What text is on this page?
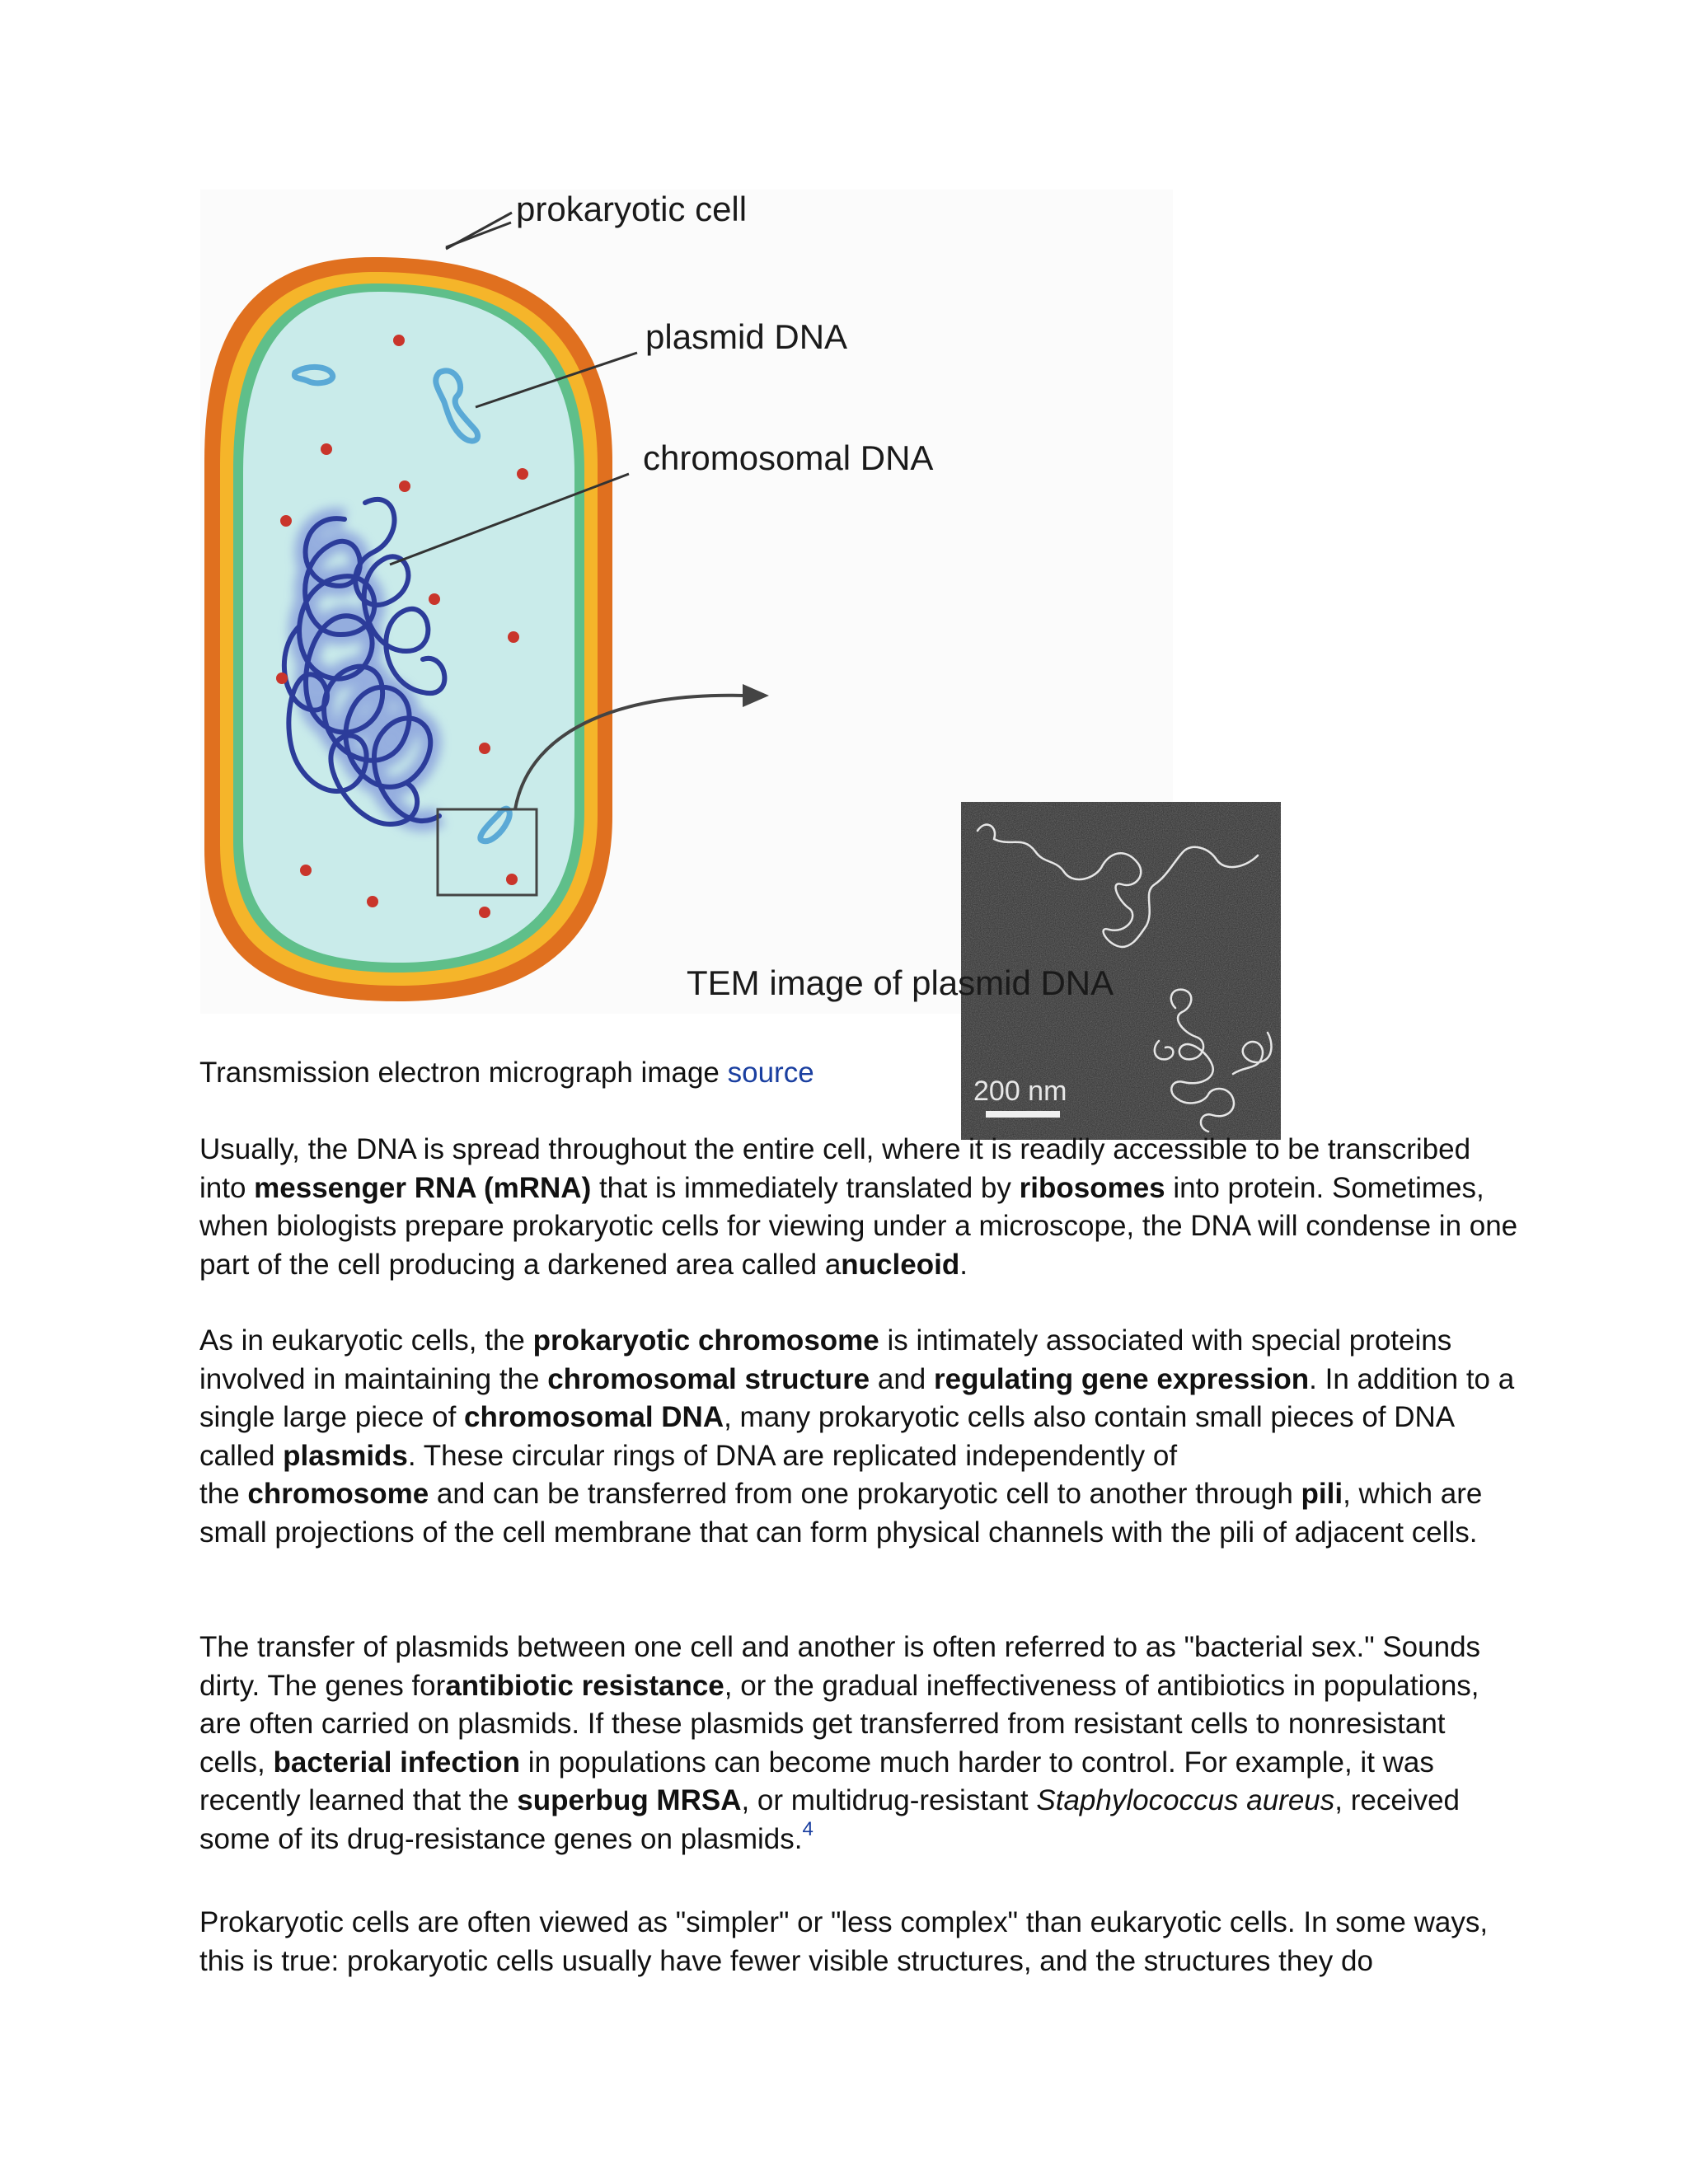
200 nm
prokaryotic cell
plasmid DNA
chromosomal DNA
TEM image of plasmid DNA

Transmission electron micrograph image source

Usually, the DNA is spread throughout the entire cell, where it is readily accessible to be transcribed into messenger RNA (mRNA) that is immediately translated by ribosomes into protein. Sometimes, when biologists prepare prokaryotic cells for viewing under a microscope, the DNA will condense in one part of the cell producing a darkened area called anucleoid.

As in eukaryotic cells, the prokaryotic chromosome is intimately associated with special proteins involved in maintaining the chromosomal structure and regulating gene expression. In addition to a single large piece of chromosomal DNA, many prokaryotic cells also contain small pieces of DNA called plasmids. These circular rings of DNA are replicated independently of
the chromosome and can be transferred from one prokaryotic cell to another through pili, which are small projections of the cell membrane that can form physical channels with the pili of adjacent cells.

The transfer of plasmids between one cell and another is often referred to as "bacterial sex." Sounds dirty. The genes forantibiotic resistance, or the gradual ineffectiveness of antibiotics in populations, are often carried on plasmids. If these plasmids get transferred from resistant cells to nonresistant cells, bacterial infection in populations can become much harder to control. For example, it was recently learned that the superbug MRSA, or multidrug-resistant Staphylococcus aureus, received some of its drug-resistance genes on plasmids.$^4$

Prokaryotic cells are often viewed as "simpler" or "less complex" than eukaryotic cells. In some ways, this is true: prokaryotic cells usually have fewer visible structures, and the structures they do
